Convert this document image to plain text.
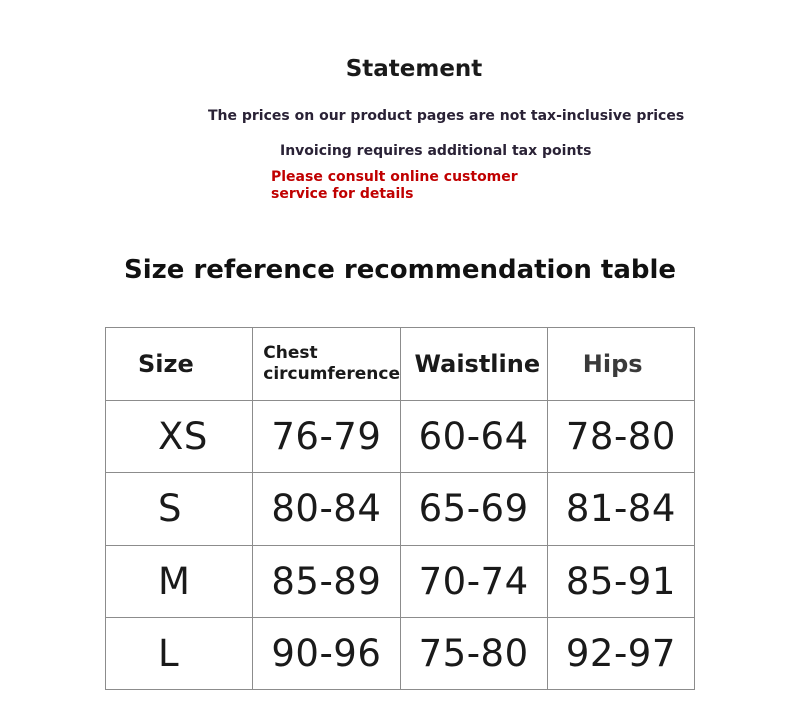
Statement

The prices on our product pages are not tax-inclusive prices

Invoicing requires additional tax points

Please consult online customer service for details

Size reference recommendation table
Size	Chest circumference	Waistline	Hips
XS	76-79	60-64	78-80
S	80-84	65-69	81-84
M	85-89	70-74	85-91
L	90-96	75-80	92-97
